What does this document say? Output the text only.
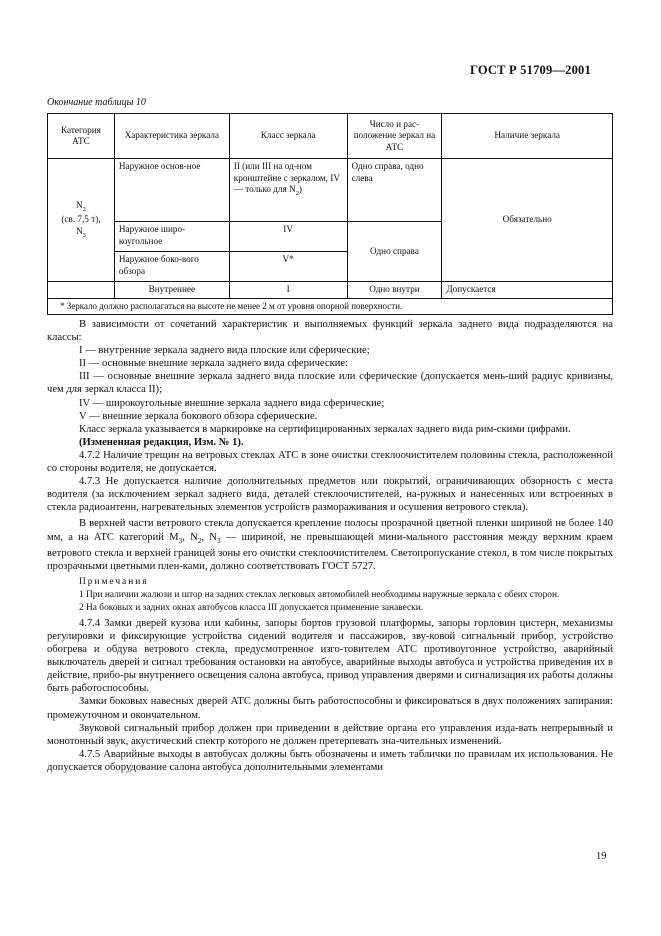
ГОСТ Р 51709—2001
Окончание таблицы 10
Категория АТС	Характеристика зеркала	Класс зеркала	Число и рас-положение зеркал на АТС	Наличие зеркала
$N_2$
(св. 7,5 т),
$N_3$	Наружное основ-ное	II (или III на од-ном кронштейне с зеркалом, IV — только для $N_2$)	Одно справа, одно слева	Обязательно
	Наружное широ-коугольное	IV	Одно справа	
	Наружное боко-вого обзора	V*		
	Внутреннее	I	Одно внутри	Допускается
* Зеркало должно располагаться на высоте не менее 2 м от уровня опорной поверхности.				

В зависимости от сочетаний характеристик и выполняемых функций зеркала заднего вида подразделяются на классы:

I — внутренние зеркала заднего вида плоские или сферические;

II — основные внешние зеркала заднего вида сферические:

III — основные внешние зеркала заднего вида плоские или сферические (допускается мень-ший радиус кривизны, чем для зеркал класса II);

IV — широкоугольные внешние зеркала заднего вида сферические;

V — внешние зеркала бокового обзора сферические.

Класс зеркала указывается в маркировке на сертифицированных зеркалах заднего вида рим-скими цифрами.

(Измененная редакция, Изм. № 1).

4.7.2 Наличие трещин на ветровых стеклах АТС в зоне очистки стеклоочистителем половины стекла, расположенной со стороны водителя, не допускается.

4.7.3 Не допускается наличие дополнительных предметов или покрытий, ограничивающих обзорность с места водителя (за исключением зеркал заднего вида, деталей стеклоочистителей, на-ружных и нанесенных или встроенных в стекла радиоантенн, нагревательных элементов устройств размораживания и осушения ветрового стекла).

В верхней части ветрового стекла допускается крепление полосы прозрачной цветной пленки шириной не более 140 мм, а на АТС категорий $M_3$, $N_2$, $N_3$ — шириной, не превышающей мини-мального расстояния между верхним краем ветрового стекла и верхней границей зоны его очистки стеклоочистителем. Светопропускание стекол, в том числе покрытых прозрачными цветными плен-ками, должно соответствовать ГОСТ 5727.

Примечания

1 При наличии жалюзи и штор на задних стеклах легковых автомобилей необходимы наружные зеркала с обеих сторон.

2 На боковых и задних окнах автобусов класса III допускается применение занавески.

4.7.4 Замки дверей кузова или кабины, запоры бортов грузовой платформы, запоры горловин цистерн, механизмы регулировки и фиксирующие устройства сидений водителя и пассажиров, зву-ковой сигнальный прибор, устройство обогрева и обдува ветрового стекла, предусмотренное изго-товителем АТС противоугонное устройство, аварийный выключатель дверей и сигнал требования остановки на автобусе, аварийные выходы автобуса и устройства приведения их в действие, прибо-ры внутреннего освещения салона автобуса, привод управления дверями и сигнализация их работы должны быть работоспособны.

Замки боковых навесных дверей АТС должны быть работоспособны и фиксироваться в двух положениях запирания: промежуточном и окончательном.

Звуковой сигнальный прибор должен при приведении в действие органа его управления изда-вать непрерывный и монотонный звук, акустический спектр которого не должен претерпевать зна-чительных изменений.

4.7.5 Аварийные выходы в автобусах должны быть обозначены и иметь таблички по правилам их использования. Не допускается оборудование салона автобуса дополнительными элементами

19
